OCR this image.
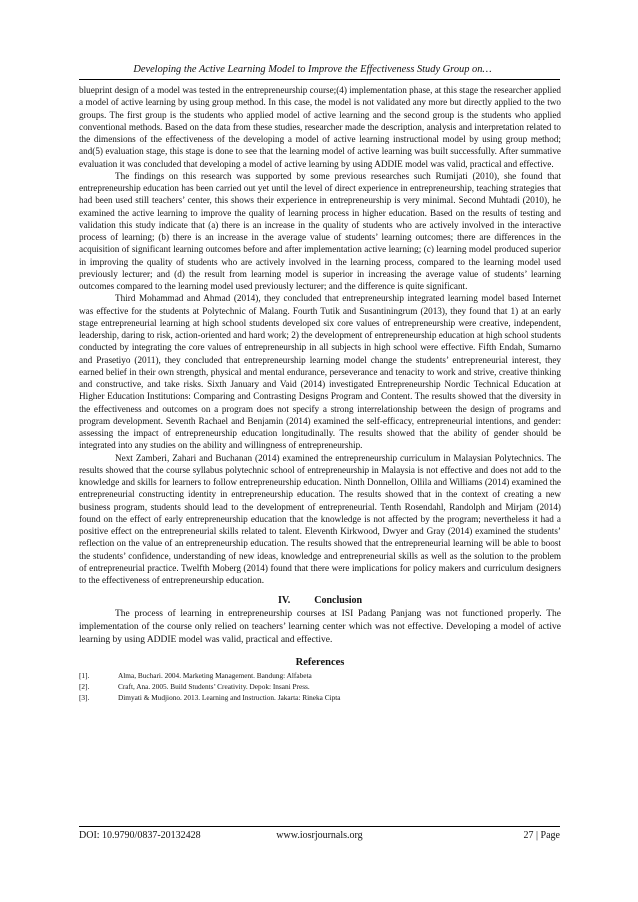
Developing the Active Learning Model to Improve the Effectiveness Study Group on…

blueprint design of a model was tested in the entrepreneurship course;(4) implementation phase, at this stage the researcher applied a model of active learning by using group method. In this case, the model is not validated any more but directly applied to the two groups. The first group is the students who applied model of active learning and the second group is the students who applied conventional methods. Based on the data from these studies, researcher made the description, analysis and interpretation related to the dimensions of the effectiveness of the developing a model of active learning instructional model by using group method; and(5) evaluation stage, this stage is done to see that the learning model of active learning was built successfully. After summative evaluation it was concluded that developing a model of active learning by using ADDIE model was valid, practical and effective.

The findings on this research was supported by some previous researches such Rumijati (2010), she found that entrepreneurship education has been carried out yet until the level of direct experience in entrepreneurship, teaching strategies that had been used still teachers’ center, this shows their experience in entrepreneurship is very minimal. Second Muhtadi (2010), he examined the active learning to improve the quality of learning process in higher education. Based on the results of testing and validation this study indicate that (a) there is an increase in the quality of students who are actively involved in the interactive process of learning; (b) there is an increase in the average value of students’ learning outcomes; there are differences in the acquisition of significant learning outcomes before and after implementation active learning; (c) learning model produced superior in improving the quality of students who are actively involved in the learning process, compared to the learning model used previously lecturer; and (d) the result from learning model is superior in increasing the average value of students’ learning outcomes compared to the learning model used previously lecturer; and the difference is quite significant.

Third Mohammad and Ahmad (2014), they concluded that entrepreneurship integrated learning model based Internet was effective for the students at Polytechnic of Malang. Fourth Tutik and Susantiningrum (2013), they found that 1) at an early stage entrepreneurial learning at high school students developed six core values of entrepreneurship were creative, independent, leadership, daring to risk, action-oriented and hard work; 2) the development of entrepreneurship education at high school students conducted by integrating the core values of entrepreneurship in all subjects in high school were effective. Fifth Endah, Sumarno and Prasetiyo (2011), they concluded that entrepreneurship learning model change the students’ entrepreneurial interest, they earned belief in their own strength, physical and mental endurance, perseverance and tenacity to work and strive, creative thinking and constructive, and take risks. Sixth January and Vaid (2014) investigated Entrepreneurship Nordic Technical Education at Higher Education Institutions: Comparing and Contrasting Designs Program and Content. The results showed that the diversity in the effectiveness and outcomes on a program does not specify a strong interrelationship between the design of programs and program development. Seventh Rachael and Benjamin (2014) examined the self-efficacy, entrepreneurial intentions, and gender: assessing the impact of entrepreneurship education longitudinally. The results showed that the ability of gender should be integrated into any studies on the ability and willingness of entrepreneurship.

Next Zamberi, Zahari and Buchanan (2014) examined the entrepreneurship curriculum in Malaysian Polytechnics. The results showed that the course syllabus polytechnic school of entrepreneurship in Malaysia is not effective and does not add to the knowledge and skills for learners to follow entrepreneurship education. Ninth Donnellon, Ollila and Williams (2014) examined the entrepreneurial constructing identity in entrepreneurship education. The results showed that in the context of creating a new business program, students should lead to the development of entrepreneurial. Tenth Rosendahl, Randolph and Mirjam (2014) found on the effect of early entrepreneurship education that the knowledge is not affected by the program; nevertheless it had a positive effect on the entrepreneurial skills related to talent. Eleventh Kirkwood, Dwyer and Gray (2014) examined the students’ reflection on the value of an entrepreneurship education. The results showed that the entrepreneurial learning will be able to boost the students’ confidence, understanding of new ideas, knowledge and entrepreneurial skills as well as the solution to the problem of entrepreneurial practice. Twelfth Moberg (2014) found that there were implications for policy makers and curriculum designers to the effectiveness of entrepreneurship education.

IV. Conclusion

The process of learning in entrepreneurship courses at ISI Padang Panjang was not functioned properly. The implementation of the course only relied on teachers’ learning center which was not effective. Developing a model of active learning by using ADDIE model was valid, practical and effective.

References
[1].	Alma, Buchari. 2004. Marketing Management. Bandung: Alfabeta
[2].	Craft, Ana. 2005. Build Students’ Creativity. Depok: Insani Press.
[3].	Dimyati & Mudjiono. 2013. Learning and Instruction. Jakarta: Rineka Cipta
DOI: 10.9790/0837-20132428	www.iosrjournals.org	27 | Page
